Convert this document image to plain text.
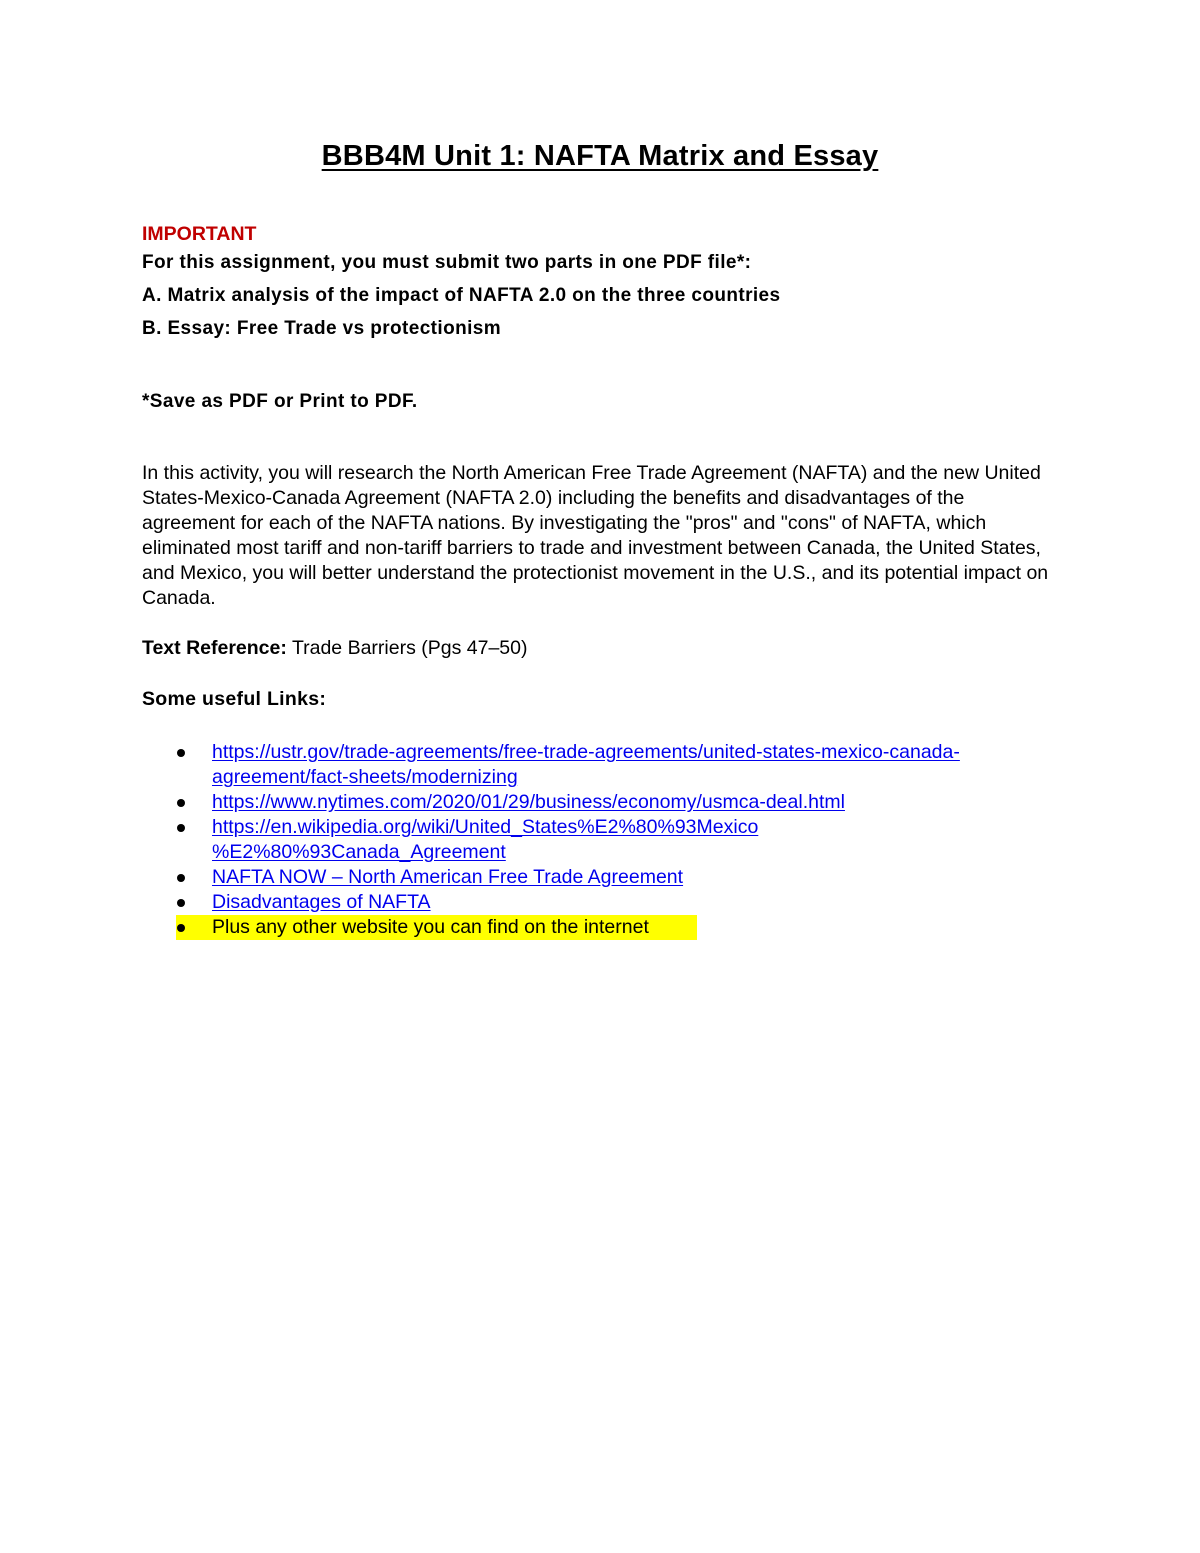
BBB4M Unit 1: NAFTA Matrix and Essay

IMPORTANT

For this assignment, you must submit two parts in one PDF file*:

A. Matrix analysis of the impact of NAFTA 2.0 on the three countries

B. Essay: Free Trade vs protectionism

*Save as PDF or Print to PDF.

In this activity, you will research the North American Free Trade Agreement (NAFTA) and the new United States-Mexico-Canada Agreement (NAFTA 2.0) including the benefits and disadvantages of the agreement for each of the NAFTA nations. By investigating the "pros" and "cons" of NAFTA, which eliminated most tariff and non-tariff barriers to trade and investment between Canada, the United States, and Mexico, you will better understand the protectionist movement in the U.S., and its potential impact on Canada.

Text Reference: Trade Barriers (Pgs 47–50)

Some useful Links:

https://ustr.gov/trade-agreements/free-trade-agreements/united-states-mexico-canada-
agreement/fact-sheets/modernizing
https://www.nytimes.com/2020/01/29/business/economy/usmca-deal.html
https://en.wikipedia.org/wiki/United_States%E2%80%93Mexico
%E2%80%93Canada_Agreement
NAFTA NOW – North American Free Trade Agreement
Disadvantages of NAFTA
Plus any other website you can find on the internet
